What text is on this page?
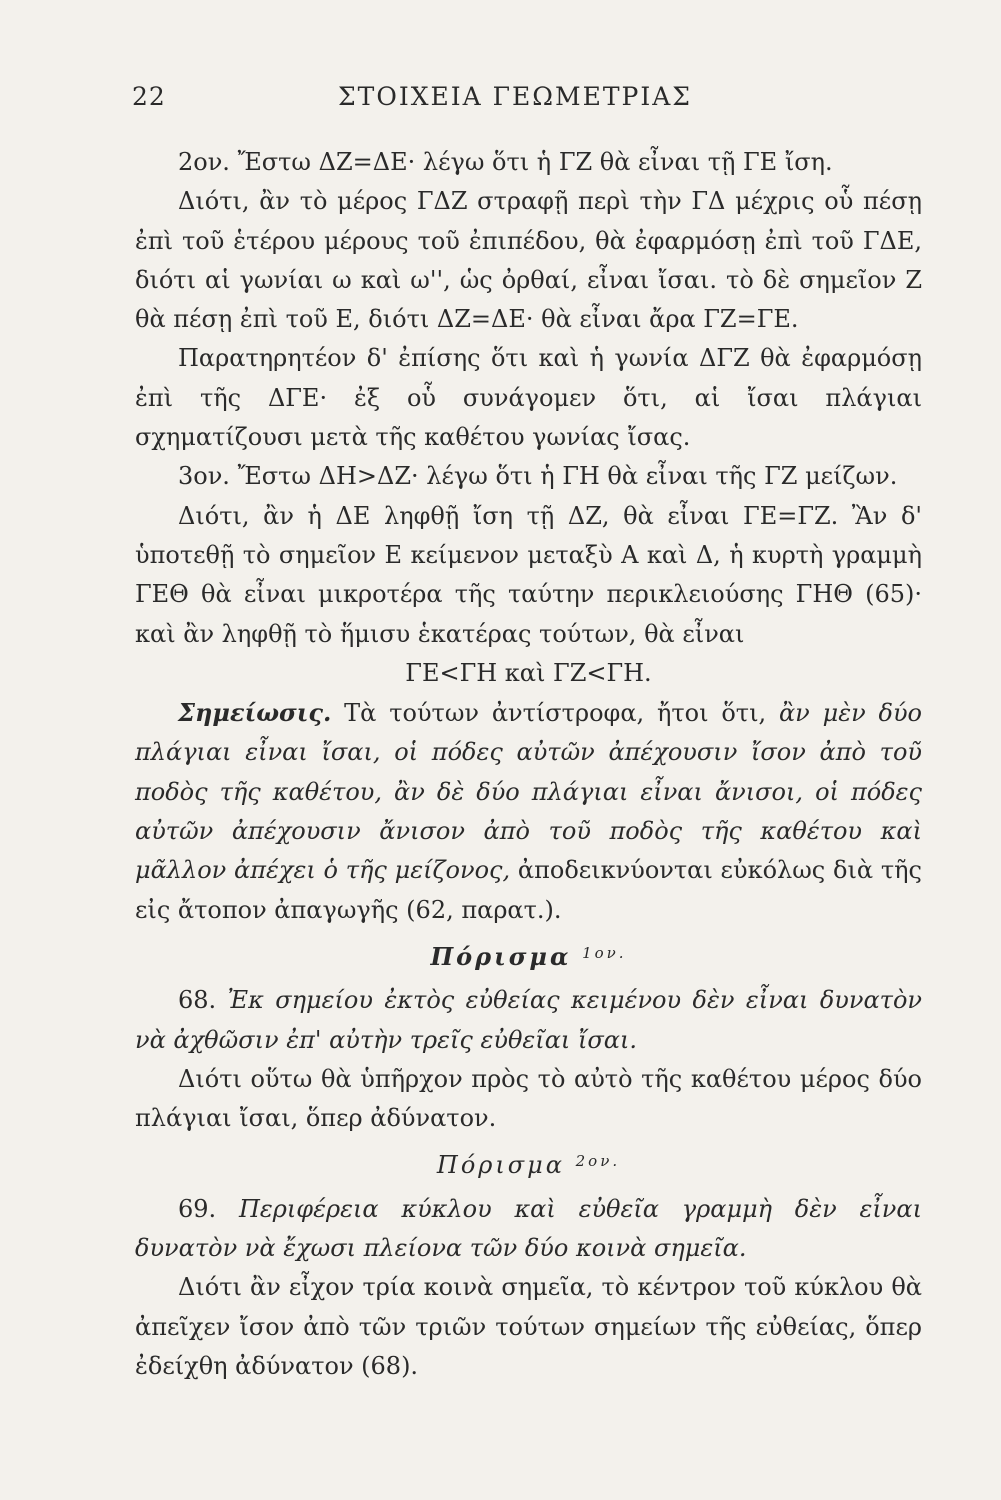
22	ΣΤΟΙΧΕΙΑ ΓΕΩΜΕΤΡΙΑΣ

2ον. Ἔστω ΔΖ=ΔΕ· λέγω ὅτι ἡ ΓΖ θὰ εἶναι τῇ ΓΕ ἴση.

Διότι, ἂν τὸ μέρος ΓΔΖ στραφῇ περὶ τὴν ΓΔ μέχρις οὗ πέσῃ ἐπὶ τοῦ ἑτέρου μέρους τοῦ ἐπιπέδου, θὰ ἐφαρμόσῃ ἐπὶ τοῦ ΓΔΕ, διότι αἱ γωνίαι ω καὶ ω'', ὡς ὀρθαί, εἶναι ἴσαι. τὸ δὲ σημεῖον Ζ θὰ πέσῃ ἐπὶ τοῦ Ε, διότι ΔΖ=ΔΕ· θὰ εἶναι ἄρα ΓΖ=ΓΕ.

Παρατηρητέον δ' ἐπίσης ὅτι καὶ ἡ γωνία ΔΓΖ θὰ ἐφαρμόσῃ ἐπὶ τῆς ΔΓΕ· ἐξ οὗ συνάγομεν ὅτι, αἱ ἴσαι πλάγιαι σχηματίζουσι μετὰ τῆς καθέτου γωνίας ἴσας.

3ον. Ἔστω ΔΗ>ΔΖ· λέγω ὅτι ἡ ΓΗ θὰ εἶναι τῆς ΓΖ μείζων.

Διότι, ἂν ἡ ΔΕ ληφθῇ ἴση τῇ ΔΖ, θὰ εἶναι ΓΕ=ΓΖ. Ἂν δ' ὑποτεθῇ τὸ σημεῖον Ε κείμενον μεταξὺ Α καὶ Δ, ἡ κυρτὴ γραμμὴ ΓΕΘ θὰ εἶναι μικροτέρα τῆς ταύτην περικλειούσης ΓΗΘ (65)· καὶ ἂν ληφθῇ τὸ ἥμισυ ἑκατέρας τούτων, θὰ εἶναι

ΓΕ<ΓΗ καὶ ΓΖ<ΓΗ.

Σημείωσις. Τὰ τούτων ἀντίστροφα, ἤτοι ὅτι, ἂν μὲν δύο πλάγιαι εἶναι ἴσαι, οἱ πόδες αὐτῶν ἀπέχουσιν ἴσον ἀπὸ τοῦ ποδὸς τῆς καθέτου, ἂν δὲ δύο πλάγιαι εἶναι ἄνισοι, οἱ πόδες αὐτῶν ἀπέχουσιν ἄνισον ἀπὸ τοῦ ποδὸς τῆς καθέτου καὶ μᾶλλον ἀπέχει ὁ τῆς μείζονος, ἀποδεικνύονται εὐκόλως διὰ τῆς εἰς ἄτοπον ἀπαγωγῆς (62, παρατ.).

Πόρισμα $^{1o\nu.}$

68. Ἐκ σημείου ἐκτὸς εὐθείας κειμένου δὲν εἶναι δυνατὸν νὰ ἀχθῶσιν ἐπ' αὐτὴν τρεῖς εὐθεῖαι ἴσαι.

Διότι οὕτω θὰ ὑπῆρχον πρὸς τὸ αὐτὸ τῆς καθέτου μέρος δύο πλάγιαι ἴσαι, ὅπερ ἀδύνατον.

Πόρισμα $^{2o\nu.}$

69. Περιφέρεια κύκλου καὶ εὐθεῖα γραμμὴ δὲν εἶναι δυνατὸν νὰ ἔχωσι πλείονα τῶν δύο κοινὰ σημεῖα.

Διότι ἂν εἶχον τρία κοινὰ σημεῖα, τὸ κέντρον τοῦ κύκλου θὰ ἀπεῖχεν ἴσον ἀπὸ τῶν τριῶν τούτων σημείων τῆς εὐθείας, ὅπερ ἐδείχθη ἀδύνατον (68).
